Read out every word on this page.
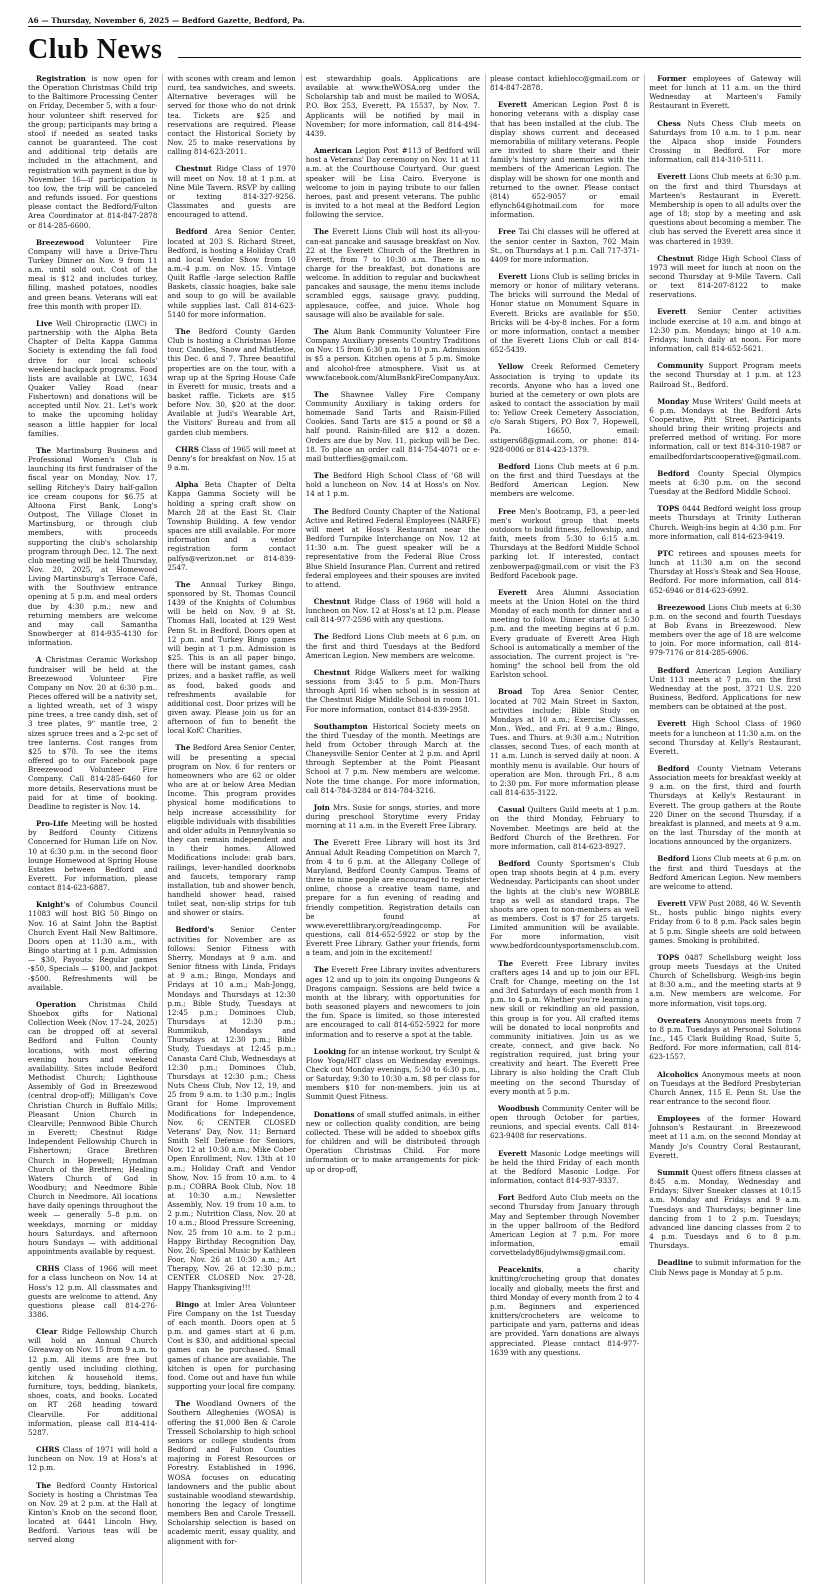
A6 — Thursday, November 6, 2025 — Bedford Gazette, Bedford, Pa.
Club News

Registration is now open for the Operation Christmas Child trip to the Baltimore Processing Center on Friday, December 5, with a four-hour volunteer shift reserved for the group; participants may bring a stool if needed as seated tasks cannot be guaranteed. The cost and additional trip details are included in the attachment, and registration with payment is due by November 16—if participation is too low, the trip will be canceled and refunds issued. For questions please contact the Bedford/Fulton Area Coordinator at 814-847-2878 or 814-285-6600.

Breezewood Volunteer Fire Company will have a Drive-Thru Turkey Dinner on Nov. 9 from 11 a.m. until sold out. Cost of the meal is $12 and includes turkey, filling, mashed potatoes, noodles and green beans. Veterans will eat free this month with proper ID.

Live Well Chiropractic (LWC) in partnership with the Alpha Beta Chapter of Delta Kappa Gamma Society is extending the fall food drive for our local schools' weekend backpack programs. Food lists are available at LWC, 1634 Quaker Valley Road (near Fishertown) and donations will be accepted until Nov. 21. Let's work to make the upcoming holiday season a little happier for local families.

The Martinsburg Business and Professional Women's Club is launching its first fundraiser of the fiscal year on Monday, Nov. 17, selling Ritchey's Dairy half-gallon ice cream coupons for $6.75 at Altoona First Bank, Long's Outpost, The Village Closet in Martinsburg, or through club members, with proceeds supporting the club's scholarship program through Dec. 12. The next club meeting will be held Thursday, Nov. 20, 2025, at Homewood Living Martinsburg's Terrace Café, with the Southview entrance opening at 5 p.m. and meal orders due by 4:30 p.m.; new and returning members are welcome and may call Samantha Snowberger at 814-935-4130 for information.

A Christmas Ceramic Workshop fundraiser will be held at the Breezewood Volunteer Fire Company on Nov. 20 at 6:30 p.m.. Pieces offered will be a nativity set, a lighted wreath, set of 3 wispy pine trees, a tree candy dish, set of 3 tree plates, 9" mantle tree, 2 sizes spruce trees and a 2-pc set of tree lanterns. Cost ranges from $25 to $70. To see the items offered go to our Facebook page Breezewood Volunteer Fire Company. Call 814-285-6460 for more details. Reservations must be paid for at time of booking. Deadline to register is Nov. 14.

Pro-Life Meeting will be hosted by Bedford County Citizens Concerned for Human Life on Nov. 10 at 6:30 p.m. in the second floor lounge Homewood at Spring House Estates between Bedford and Everett. For information, please contact 814-623-6887.

Knight's of Columbus Council 11083 will host BIG 50 Bingo on Nov. 16 at Saint John the Baptist Church Event Hall New Baltimore. Doors open at 11:30 a.m., with Bingo starting at 1 p.m. Admission — $30, Payouts: Regular games -$50, Specials — $100, and Jackpot -$500. Refreshments will be available.

Operation Christmas Child Shoebox gifts for National Collection Week (Nov. 17–24, 2025) can be dropped off at several Bedford and Fulton County locations, with most offering evening hours and weekend availability. Sites include Bedford Methodist Church; Lighthouse Assembly of God in Breezewood (central drop-off); Milligan's Cove Christian Church in Buffalo Mills; Pleasant Union Church in Clearville; Pennwood Bible Church in Everett; Chestnut Ridge Independent Fellowship Church in Fishertown; Grace Brethren Church in Hopewell; Hyndman Church of the Brethren; Healing Waters Church of God in Woodbury; and Needmore Bible Church in Needmore. All locations have daily openings throughout the week — generally 5–8 p.m. on weekdays, morning or midday hours Saturdays, and afternoon hours Sundays — with additional appointments available by request.

CRHS Class of 1966 will meet for a class luncheon on Nov. 14 at Hoss's 12 p.m. All classmates and guests are welcome to attend. Any questions please call 814-276-3386.

Clear Ridge Fellowship Church will hold an Annual Church Giveaway on Nov. 15 from 9 a.m. to 12 p.m. All items are free but gently used including clothing, kitchen & household items, furniture, toys, bedding, blankets, shoes, coats, and books. Located on RT 268 heading toward Clearville. For additional information, please call 814-414-5287.

CHRS Class of 1971 will hold a luncheon on Nov. 19 at Hoss's at 12 p.m.

The Bedford County Historical Society is hosting a Christmas Tea on Nov. 29 at 2 p.m. at the Hall at Kinton's Knob on the second floor, located at 6441 Lincoln Hwy, Bedford. Various teas will be served along

with scones with cream and lemon curd, tea sandwiches, and sweets. Alternative beverages will be served for those who do not drink tea. Tickets are $25 and reservations are required. Please contact the Historical Society by Nov. 25 to make reservations by calling 814-623-2011.

Chestnut Ridge Class of 1970 will meet on Nov. 18 at 1 p.m. at Nine Mile Tavern. RSVP by calling or texting 814-327-9256. Classmates and guests are encouraged to attend.

Bedford Area Senior Center, located at 203 S. Richard Street, Bedford, is hosting a Holiday Craft and local Vendor Show from 10 a.m.-4 p.m. on Nov. 15. Vintage Quilt Raffle -large selection Raffle Baskets, classic hoagies, bake sale and soup to go will be available while supplies last. Call 814-623-5140 for more information.

The Bedford County Garden Club is hosting a Christmas Home tour, Candles, Snow and Mistletoe, this Dec. 6 and 7. Three beautiful properties are on the tour, with a wrap up at the Spring House Cafe in Everett for music, treats and a basket raffle. Tickets are $15 before Nov. 30, $20 at the door. Available at Judi's Wearable Art, the Visitors' Bureau and from all garden club members.

CHRS Class of 1965 will meet at Denny's for breakfast on Nov. 15 at 9 a.m.

Alpha Beta Chapter of Delta Kappa Gamma Society will be holding a spring craft show on March 28 at the East St. Clair Township Building. A few vendor spaces are still available. For more information and a vendor registration form contact palfys@verizon.net or 814-839-2547.

The Annual Turkey Bingo, sponsored by St. Thomas Council 1439 of the Knights of Columbus will be held on Nov. 9 at St. Thomas Hall, located at 129 West Penn St. in Bedford. Doors open at 12 p.m. and Turkey Bingo games will begin at 1 p.m. Admission is $25. This is an all paper bingo, there will be instant games, cash prizes, and a basket raffle, as well as food, baked goods and refreshments available for additional cost. Door prizes will be given away. Please join us for an afternoon of fun to benefit the local KofC Charities.

The Bedford Area Senior Center, will be presenting a special program on Nov. 6 for renters or homeowners who are 62 or older who are at or below Area Median Income. This program provides physical home modifications to help increase accessibility for eligible individuals with disabilities and older adults in Pennsylvania so they can remain independent and in their homes. Allowed Modifications include: grab bars, railings, lever-handled doorknobs and faucets, temporary ramp installation, tub and shower bench, handheld shower head, raised toilet seat, non-slip strips for tub and shower or stairs.

Bedford's Senior Center activities for November are as follows: Senior Fitness with Sherry, Mondays at 9 a.m. and Senior fitness with Linda, Fridays at 9 a.m.; Bingo, Mondays and Fridays at 10 a.m.; Mah-Jongg, Mondays and Thursdays at 12:30 p.m.; Bible Study, Tuesdays at 12:45 p.m.; Dominoes Club, Thursdays at 12:30 p.m.; Rummikub, Mondays and Thursdays at 12:30 p.m.; Bible Study, Tuesdays at 12:45 p.m.; Canasta Card Club, Wednesdays at 12:30 p.m.; Dominoes Club, Thursdays at 12:30 p.m.; Chess Nuts Chess Club, Nov 12, 19, and 25 from 9 a.m. to 1:30 p.m.; Inglis Grant for Home Improvement Modifications for Independence, Nov. 6; CENTER CLOSED Veterans' Day, Nov. 11; Bernard Smith Self Defense for Seniors, Nov. 12 at 10:30 a.m.; Mike Cober Open Enrollment, Nov. 13th at 10 a.m.; Holiday Craft and Vendor Show, Nov. 15 from 10 a.m. to 4 p.m.; COBRA Book Club, Nov. 18 at 10:30 a.m.; Newsletter Assembly, Nov. 19 from 10 a.m. to 2 p.m.; Nutrition Class, Nov. 20 at 10 a.m.; Blood Pressure Screening, Nov. 25 from 10 a.m. to 2 p.m.; Happy Birthday Recognition Day, Nov. 26; Special Music by Kathleen Foor, Nov. 26 at 10:30 a.m.; Art Therapy, Nov. 26 at 12:30 p.m.; CENTER CLOSED Nov. 27-28, Happy Thanksgiving!!!

Bingo at Imler Area Volunteer Fire Company on the 1st Tuesday of each month. Doors open at 5 p.m. and games start at 6 p.m. Cost is $30, and additional special games can be purchased. Small games of chance are available. The kitchen is open for purchasing food. Come out and have fun while supporting your local fire company.

The Woodland Owners of the Southern Alleghenies (WOSA) is offering the $1,000 Ben & Carole Tressell Scholarship to high school seniors or college students from Bedford and Fulton Counties majoring in Forest Resources or Forestry. Established in 1996, WOSA focuses on educating landowners and the public about sustainable woodland stewardship, honoring the legacy of longtime members Ben and Carole Tressell. Scholarship selection is based on academic merit, essay quality, and alignment with for-

est stewardship goals. Applications are available at www.theWOSA.org under the Scholarship tab and must be mailed to WOSA, P.O. Box 253, Everett, PA 15537, by Nov. 7. Applicants will be notified by mail in November; for more information, call 814-494-4439.

American Legion Post #113 of Bedford will host a Veterans' Day ceremony on Nov. 11 at 11 a.m. at the Courthouse Courtyard. Our guest speaker will be Lisa Cairo. Everyone is welcome to join in paying tribute to our fallen heroes, past and present veterans. The public is invited to a hot meal at the Bedford Legion following the service.

The Everett Lions Club will host its all-you-can-eat pancake and sausage breakfast on Nov. 22 at the Everett Church of the Brethren in Everett, from 7 to 10:30 a.m. There is no charge for the breakfast, but donations are welcome. In addition to regular and buckwheat pancakes and sausage, the menu items include scrambled eggs, sausage gravy, pudding, applesauce, coffee, and juice. Whole hog sausage will also be available for sale.

The Alum Bank Community Volunteer Fire Company Auxiliary presents Country Traditions on Nov. 15 from 6:30 p.m. to 10 p.m. Admission is $5 a person. Kitchen opens at 5 p.m. Smoke and alcohol-free atmosphere. Visit us at www.facebook.com/AlumBankFireCompanyAux.

The Shawnee Valley Fire Company Community Auxiliary is taking orders for homemade Sand Tarts and Raisin-Filled Cookies. Sand Tarts are $15 a pound or $8 a half pound. Raisin-filled are $12 a dozen. Orders are due by Nov. 11, pickup will be Dec. 18. To place an order call 814-754-4071 or e-mail butterflies@gmail.com.

The Bedford High School Class of '68 will hold a luncheon on Nov. 14 at Hoss's on Nov. 14 at 1 p.m.

The Bedford County Chapter of the National Active and Retired Federal Employees (NARFE) will meet at Hoss's Restaurant near the Bedford Turnpike Interchange on Nov. 12 at 11:30 a.m. The guest speaker will be a representative from the Federal Blue Cross Blue Shield Insurance Plan. Current and retired federal employees and their spouses are invited to attend.

Chestnut Ridge Class of 1968 will hold a luncheon on Nov. 12 at Hoss's at 12 p.m. Please call 814-977-2596 with any questions.

The Bedford Lions Club meets at 6 p.m. on the first and third Tuesdays at the Bedford American Legion. New members are welcome.

Chestnut Ridge Walkers meet for walking sessions from 3:45 to 5 p.m. Mon-Thurs through April 16 when school is in session at the Chestnut Ridge Middle School in room 101. For more information, contact 814-839-2958.

Southampton Historical Society meets on the third Tuesday of the month. Meetings are held from October through March at the Chaneysville Senior Center at 2 p.m. and April through September at the Point Pleasant School at 7 p.m. New members are welcome. Note the time change. For more information, call 814-784-3284 or 814-784-3216.

Join Mrs. Susie for songs, stories, and more during preschool Storytime every Friday morning at 11 a.m. in the Everett Free Library.

The Everett Free Library will host its 3rd Annual Adult Reading Competition on March 7, from 4 to 6 p.m. at the Allegany College of Maryland, Bedford County Campus. Teams of three to nine people are encouraged to register online, choose a creative team name, and prepare for a fun evening of reading and friendly competition. Registration details can be found at www.everettlibrary.org/readingcomp. For questions, call 814-652-5922 or stop by the Everett Free Library. Gather your friends, form a team, and join in the excitement!

The Everett Free Library invites adventurers ages 12 and up to join its ongoing Dungeons & Dragons campaign. Sessions are held twice a month at the library, with opportunities for both seasoned players and newcomers to join the fun. Space is limited, so those interested are encouraged to call 814-652-5922 for more information and to reserve a spot at the table.

Looking for an intense workout, try Sculpt & Flow Yoga/HIT class on Wednesday evenings. Check out Monday evenings, 5:30 to 6:30 p.m., or Saturday, 9:30 to 10:30 a.m. $8 per class for members $10 for non-members. join us at Summit Quest Fitness.

Donations of small stuffed animals, in either new or collection quality condition, are being collected. These will be added to shoebox gifts for children and will be distributed through Operation Christmas Child. For more information or to make arrangements for pick-up or drop-off,

please contact kdiehlocc@gmail.com or 814-847-2878.

Everett American Legion Post 8 is honoring veterans with a display case that has been installed at the club. The display shows current and deceased memorabilia of military veterans. People are invited to share their and their family's history and memories with the members of the American Legion. The display will be shown for one month and returned to the owner. Please contact (814) 652-9057 or email eflynch64@hotmail.com for more information.

Free Tai Chi classes will be offered at the senior center in Saxton, 702 Main St., on Thursdays at 1 p.m. Call 717-371-4409 for more information.

Everett Lions Club is selling bricks in memory or honor of military veterans. The bricks will surround the Medal of Honor statue on Monument Square in Everett. Bricks are available for $50. Bricks will be 4-by-8 inches. For a form or more information, contact a member of the Everett Lions Club or call 814-652-5439.

Yellow Creek Reformed Cemetery Association is trying to update its records. Anyone who has a loved one buried at the cemetery or own plots are asked to contact the association by mail to: Yellow Creek Cemetery Association, c/o Sarah Stigers, PO Box 7, Hopewell, Pa. 16650, email: sstigers68@gmail.com, or phone: 814-928-0006 or 814-423-1379.

Bedford Lions Club meets at 6 p.m. on the first and third Tuesdays at the Bedford American Legion. New members are welcome.

Free Men's Bootcamp, F3, a peer-led men's workout group that meets outdoors to build fitness, fellowship, and faith, meets from 5:30 to 6:15 a.m. Thursdays at the Bedford Middle School parking lot. If interested, contact zenbowerpa@gmail.com or visit the F3 Bedford Facebook page.

Everett Area Alumni Association meets at the Union Hotel on the third Monday of each month for dinner and a meeting to follow. Dinner starts at 5:30 p.m. and the meeting begins at 6 p.m. Every graduate of Everett Area High School is automatically a member of the association. The current project is "re-homing" the school bell from the old Earlston school.

Broad Top Area Senior Center, located at 702 Main Street in Saxton, activities include; Bible Study on Mondays at 10 a.m.; Exercise Classes, Mon., Wed., and Fri. at 9 a.m.; Bingo, Tues. and Thurs. at 9:30 a.m.; Nutrition classes, second Tues. of each month at 11 a.m. Lunch is served daily at noon. A monthly menu is available. Our hours of operation are Mon. through Fri., 8 a.m to 2:30 pm. For more information please call 814-635-3122.

Casual Quilters Guild meets at 1 p.m. on the third Monday, February to November. Meetings are held at the Bedford Church of the Brethren. For more information, call 814-623-8927.

Bedford County Sportsmen's Club open trap shoots begin at 4 p.m. every Wednesday. Participants can shoot under the lights at the club's new WOBBLE trap as well as standard traps. The shoots are open to non-members as well as members. Cost is $7 for 25 targets. Limited ammunition will be available. For more information, visit www.bedfordcountysportsmensclub.com.

The Everett Free Library invites crafters ages 14 and up to join our EFL Craft for Change, meeting on the 1st and 3rd Saturdays of each month from 1 p.m. to 4 p.m. Whether you're learning a new skill or rekindling an old passion, this group is for you. All crafted items will be donated to local nonprofits and community initiatives. Join us as we create, connect, and give back. No registration required, just bring your creativity and heart. The Everett Free Library is also holding the Craft Club meeting on the second Thursday of every month at 5 p.m.

Woodbush Community Center will be open through October for parties, reunions, and special events. Call 814-623-9408 for reservations.

Everett Masonic Lodge meetings will be held the third Friday of each month at the Bedford Masonic Lodge. For information, contact 814-937-9337.

Fort Bedford Auto Club meets on the second Thursday from January through May and September through November in the upper ballroom of the Bedford American Legion at 7 p.m. For more information, email corvettelady86judylwms@gmail.com.

Peaceknits, a charity knitting/crocheting group that donates locally and globally, meets the first and third Monday of every month from 2 to 4 p.m. Beginners and experienced knitters/crocheters are welcome to participate and yarn, patterns and ideas are provided. Yarn donations are always appreciated. Please contact 814-977-1639 with any questions.

Former employees of Gateway will meet for lunch at 11 a.m. on the third Wednesday at Marteen's Family Restaurant in Everett.

Chess Nuts Chess Club meets on Saturdays from 10 a.m. to 1 p.m. near the Alpaca shop inside Founders Crossing in Bedford. For more information, call 814-310-5111.

Everett Lions Club meets at 6:30 p.m. on the first and third Thursdays at Marteen's Restaurant in Everett. Membership is open to all adults over the age of 18; stop by a meeting and ask questions about becoming a member. The club has served the Everett area since it was chartered in 1939.

Chestnut Ridge High School Class of 1973 will meet for lunch at noon on the second Thursday at 9-Mile Tavern. Call or text 814-207-8122 to make reservations.

Everett Senior Center activities include exercise at 10 a.m. and bingo at 12:30 p.m. Mondays; bingo at 10 a.m. Fridays; lunch daily at noon. For more information, call 814-652-5621.

Community Support Program meets the second Thursday at 1 p.m. at 123 Railroad St., Bedford.

Monday Muse Writers' Guild meets at 6 p.m. Mondays at the Bedford Arts Cooperative, Pitt Street. Participants should bring their writing projects and preferred method of writing. For more information, call or text 814-310-1987 or emailbedfordartscooperative@gmail.com.

Bedford County Special Olympics meets at 6:30 p.m. on the second Tuesday at the Bedford Middle School.

TOPS 0444 Bedford weight loss group meets Thursdays at Trinity Lutheran Church. Weigh-ins begin at 4:30 p.m. For more information, call 814-623-9419.

PTC retirees and spouses meets for lunch at 11:30 a.m on the second Thursday at Hoss's Steak and Sea House, Bedford. For more information, call 814-652-6946 or 814-623-6992.

Breezewood Lions Club meets at 6:30 p.m. on the second and fourth Tuesdays at Bob Evans in Breezewood. New members over the age of 18 are welcome to join. For more information, call 814-979-7176 or 814-285-6906.

Bedford American Legion Auxiliary Unit 113 meets at 7 p.m. on the first Wednesday at the post, 3721 U.S. 220 Business, Bedford. Applications for new members can be obtained at the post.

Everett High School Class of 1960 meets for a luncheon at 11:30 a.m. on the second Thursday at Kelly's Restaurant, Everett.

Bedford County Vietnam Veterans Association meets for breakfast weekly at 9 a.m. on the first, third and fourth Thursdays at Kelly's Restaurant in Everett. The group gathers at the Route 220 Diner on the second Thursday, if a breakfast is planned, and meets at 9 a.m. on the last Thursday of the month at locations announced by the organizers.

Bedford Lions Club meets at 6 p.m. on the first and third Tuesdays at the Bedford American Legion. New members are welcome to attend.

Everett VFW Post 2088, 46 W. Seventh St., hosts public bingo nights every Friday from 6 to 8 p.m. Pack sales begin at 5 p.m. Single sheets are sold between games. Smoking is prohibited.

TOPS 0487 Schellsburg weight loss group meets Tuesdays at the United Church of Schellsburg. Weigh-ins begin at 8:30 a.m., and the meeting starts at 9 a.m. New members are welcome. For more information, visit tops.org.

Overeaters Anonymous meets from 7 to 8 p.m. Tuesdays at Personal Solutions Inc., 145 Clark Building Road, Suite 5, Bedford. For more information, call 814-623-1557.

Alcoholics Anonymous meets at noon on Tuesdays at the Bedford Presbyterian Church Annex, 115 E. Penn St. Use the rear entrance to the second floor.

Employees of the former Howard Johnson's Restaurant in Breezewood meet at 11 a.m. on the second Monday at Mandy Jo's Country Coral Restaurant, Everett.

Summit Quest offers fitness classes at 8:45 a.m. Monday, Wednesday and Fridays; Silver Sneaker classes at 10:15 a.m. Monday and Fridays and 9 a.m. Tuesdays and Thursdays; beginner line dancing from 1 to 2 p.m. Tuesdays; advanced line dancing classes from 2 to 4 p.m. Tuesdays and 6 to 8 p.m. Thursdays.

Deadline to submit information for the Club News page is Monday at 5 p.m.
